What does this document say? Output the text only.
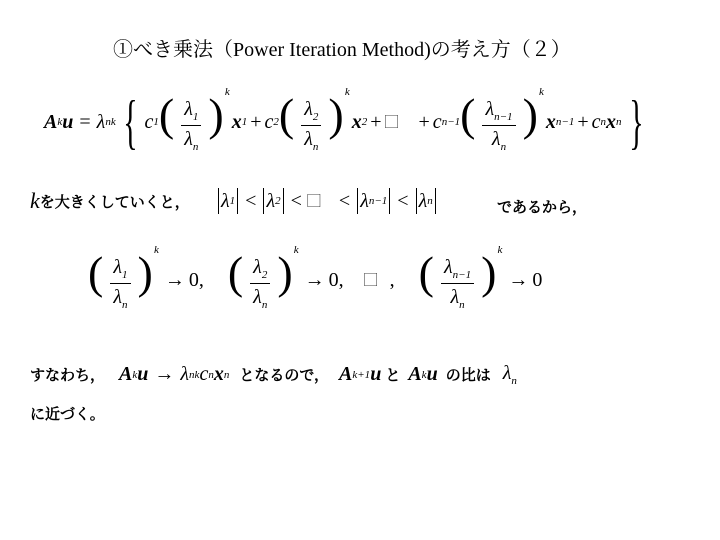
①べき乗法（Power Iteration Method)の考え方（２）
A k u = λ n k { c 1 ( $\frac{\lambda_1}{\lambda_n}$ ) k
x 1 + c 2 ( $\frac{\lambda_2}{\lambda_n}$ ) k
x 2 + ⃞ + c n−1 ( $\frac{\lambda_{n-1}}{\lambda_n}$ ) k
x n−1 + c n x n }
k を大きくしていくと， λ 1 < λ 2 < ⃞ < λ n−1 < λ n	であるから，
( $\frac{\lambda_1}{\lambda_n}$ ) k
→ 0, ( $\frac{\lambda_2}{\lambda_n}$ ) k
→ 0, ⃞ , ( $\frac{\lambda_{n-1}}{\lambda_n}$ ) k
→ 0
すなわち， A k u → λ n k c n x n となるので， A k+1 u と A k u の比は $\lambda_n$
に近づく。
